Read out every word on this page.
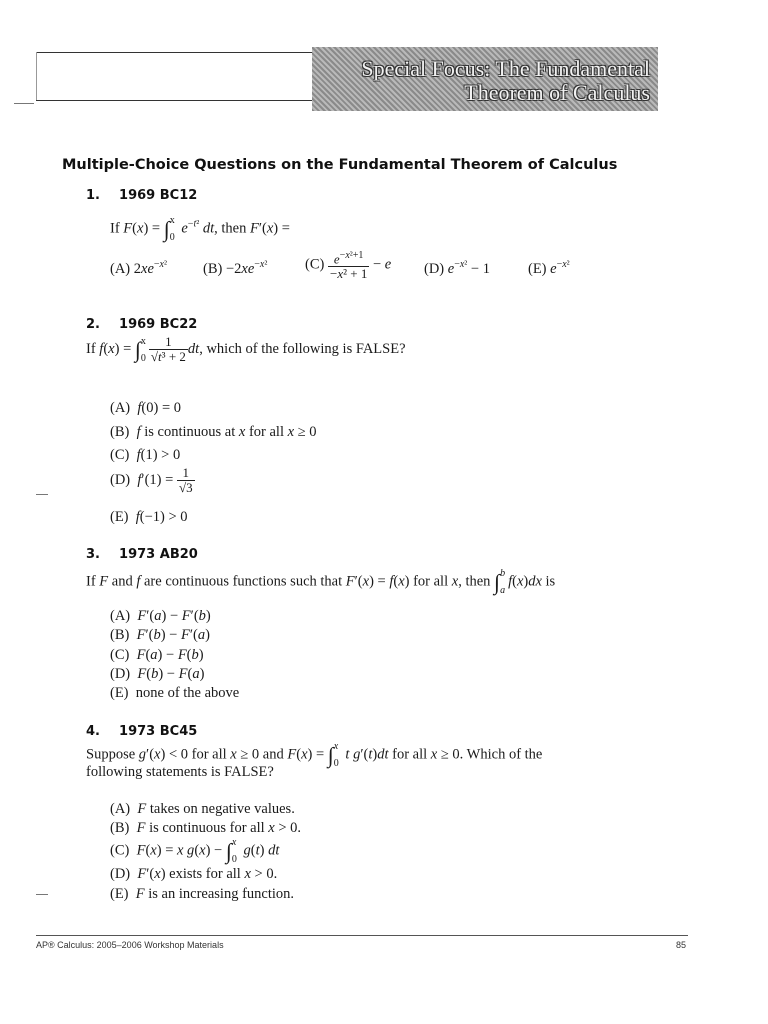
Special Focus: The Fundamental
Theorem of Calculus
Multiple-Choice Questions on the Fundamental Theorem of Calculus
1. 1969 BC12
If F(x) = ∫ x
0
$e^{-t^2}$ dt, then F′(x) =
(A) $2xe^{-x^2}$ $(B) -2xe^{-x^2}$	$(C) \frac{e^{-x^2+1}}{\text{−x² + 1}} - e$ (D) $e^{-x^2} - 1$	(E) $e^{-x^2}$
2. 1969 BC22
If f(x) = ∫ x
$0 \frac{1}{\text{√t³ + 2}}$ dt, which of the following is FALSE?
(A)  f(0) = 0
(B)  f is continuous at x for all x ≥ 0
(C)  f(1) > 0
(D)  $f'(1) = \frac{1}{√3}$
(E)  f(−1) > 0
3. 1973 AB20
If F and f are continuous functions such that F′(x) = f(x) for all x, then ∫ b
a
f(x)dx is
(A)  F′(a) − F′(b)
(B)  F′(b) − F′(a)
(C)  F(a) − F(b)
(D)  F(b) − F(a)
(E)  none of the above
4. 1973 BC45
Suppose g′(x) < 0 for all x ≥ 0 and F(x) = ∫ x
0
t g′(t)dt for all x ≥ 0. Which of the
following statements is FALSE?
(A)  F takes on negative values.
(B)  F is continuous for all x > 0.
(C)  F(x) = x g(x) − ∫ x
0
g(t) dt
(D)  F′(x) exists for all x > 0.
(E)  F is an increasing function.
AP® Calculus: 2005–2006 Workshop Materials	85
